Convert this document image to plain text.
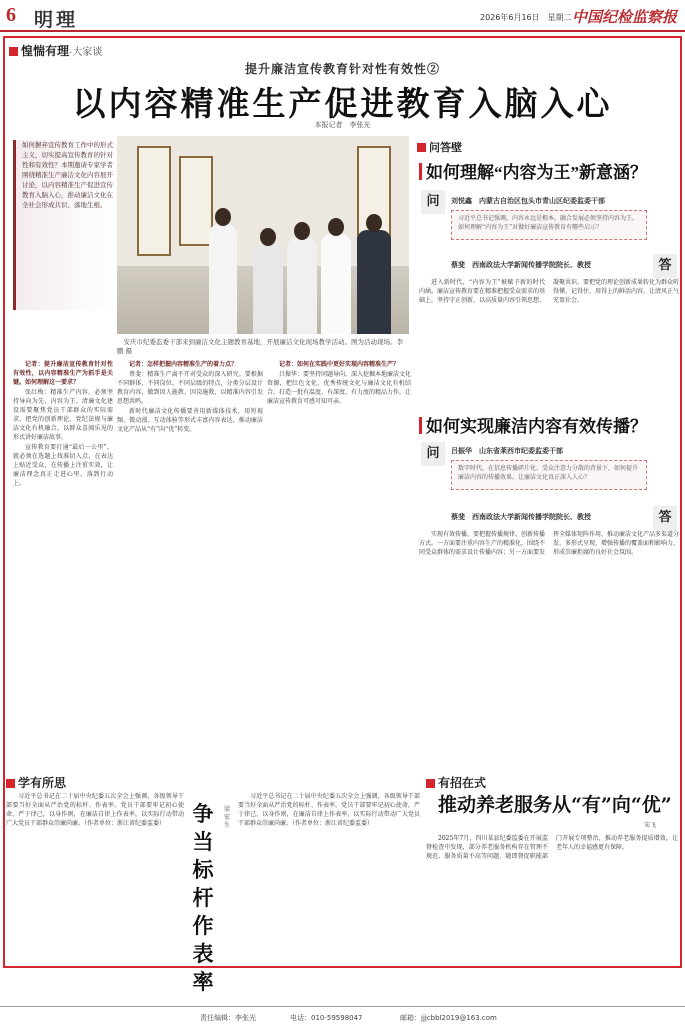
6 明理	2026年6月16日　星期二 中国纪检监察报
惶惴有理·大家谈
提升廉洁宣传教育针对性有效性②
以内容精准生产促进教育入脑入心
本报记者　李张光
如何摒弃宣传教育工作中的形式主义，切实提高宣传教育的针对性和有效性？本期邀请专家学者围绕精准生产廉洁文化内容展开讨论，以内容精准生产促进宣传教育入脑入心，推动廉洁文化在全社会形成共识、落地生根。
安庆市纪委监委干部来到廉洁文化主题教育基地，开展廉洁文化现场教学活动。图为活动现场。李鹏 摄

记者：提升廉洁宣传教育针对性有效性，以内容精准生产为抓手是关键。如何理解这一要求？

张红梅：精准生产内容，必须坚持导向为先、内容为王。清廉文化建设需要聚焦党员干部群众的实际需求，把党的创新理论、党纪法规与廉洁文化有机融合，以群众喜闻乐见的形式讲好廉洁故事。

宣传教育要打通“最后一公里”，就必须在选题上找准切入点，在表达上贴近受众，在传播上注重实效，让廉洁理念真正走进心里、落到行动上。

记者：怎样把握内容精准生产的着力点？

蔡斐：精准生产离不开对受众的深入研究。要根据不同群体、不同岗位、不同层级的特点，分类分层设计教育内容，做到因人施教、因岗施教，以精准内容引发思想共鸣。

新时代廉洁文化传播要善用新媒体技术，用短视频、微动漫、互动体验等形式丰富内容表达，推动廉洁文化产品从“有”向“优”转变。

记者：如何在实践中更好实现内容精准生产？

吕振华：要坚持问题导向，深入挖掘本地廉洁文化资源，把红色文化、优秀传统文化与廉洁文化有机结合，打造一批有温度、有深度、有力度的精品力作，让廉洁宣传教育可感可知可亲。

问答壁
如何理解“内容为王”新意涵？
问	刘悦鑫　内蒙古自治区包头市青山区纪委监委干部
习近平总书记强调，内容永远是根本。融合发展必须坚持内容为王。如何理解“内容为王”对做好廉洁宣传教育有哪些启示？
蔡斐　西南政法大学新闻传播学院院长、教授	答

进入新时代，“内容为王”被赋予新的时代内涵。廉洁宣传教育要在精准把握受众需求的基础上，坚持守正创新，以高质量内容引领思想、凝聚共识。要把党的理论创新成果转化为群众听得懂、记得住、用得上的鲜活内容，让清风正气充盈社会。

如何实现廉洁内容有效传播？
问	吕振华　山东省莱西市纪委监委干部
数字时代，在信息传播碎片化、受众注意力分散的背景下，如何提升廉洁内容的传播效果，让廉洁文化真正深入人心？
蔡斐　西南政法大学新闻传播学院院长、教授	答

实现有效传播，要把握传播规律、创新传播方式。一方面要注重内容生产的精准化，围绕不同受众群体的需求设计传播内容；另一方面要发挥全媒体矩阵作用，推动廉洁文化产品多渠道分发、多形式呈现，增强传播的覆盖面和影响力，形成崇廉拒腐的良好社会氛围。

学有所思

习近平总书记在二十届中央纪委五次全会上强调，各级领导干部要当好全面从严治党的标杆、作表率。党员干部要牢记初心使命，严于律己，以身作则，在廉洁自律上作表率，以实际行动带动广大党员干部群众崇廉尚廉。（作者单位：浙江省纪委监委）	争当标杆作表率
梁宏生

习近平总书记在二十届中央纪委五次全会上强调，各级领导干部要当好全面从严治党的标杆、作表率。党员干部要牢记初心使命，严于律己，以身作则，在廉洁自律上作表率，以实际行动带动广大党员干部群众崇廉尚廉。（作者单位：浙江省纪委监委）

有招在式
推动养老服务从“有”向“优”
宋飞

2025年7月，四川某县纪委监委在开展监督检查中发现，部分养老服务机构存在管理不规范、服务质量不高等问题，随即督促职能部门开展专项整治，推动养老服务提质增效，让老年人的幸福感更有保障。

责任编辑：李张光	电话：010-59598047	邮箱：jjjcbbl2019@163.com
